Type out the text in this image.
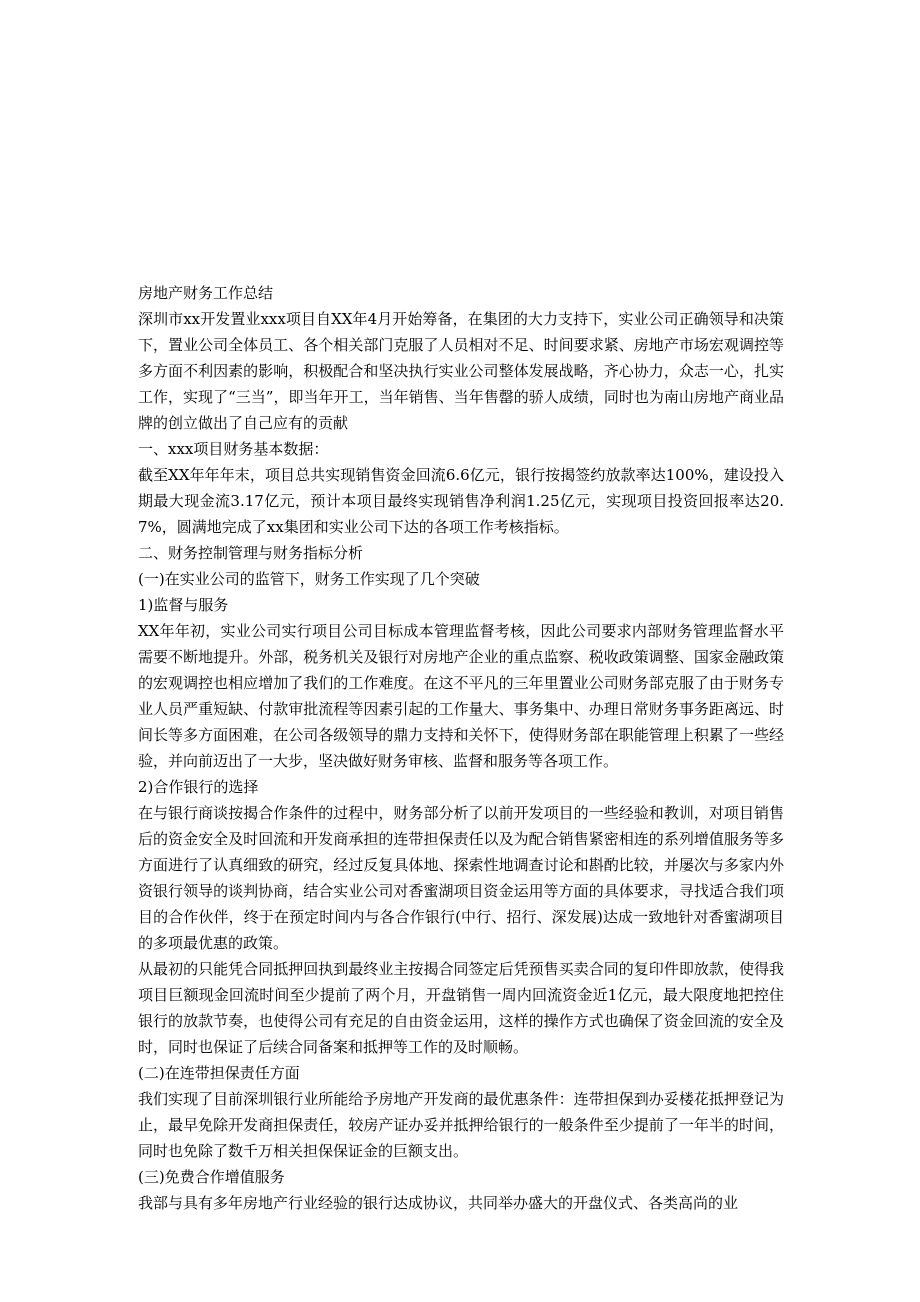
房地产财务工作总结

深圳市xx开发置业xxx项目自XX年4月开始筹备，在集团的大力支持下，实业公司正确领导和决策下，置业公司全体员工、各个相关部门克服了人员相对不足、时间要求紧、房地产市场宏观调控等多方面不利因素的影响，积极配合和坚决执行实业公司整体发展战略，齐心协力，众志一心，扎实工作，实现了“三当”，即当年开工，当年销售、当年售罄的骄人成绩，同时也为南山房地产商业品牌的创立做出了自己应有的贡献

一、xxx项目财务基本数据：

截至XX年年年末，项目总共实现销售资金回流6.6亿元，银行按揭签约放款率达100%，建设投入期最大现金流3.17亿元，预计本项目最终实现销售净利润1.25亿元，实现项目投资回报率达20.7%，圆满地完成了xx集团和实业公司下达的各项工作考核指标。

二、财务控制管理与财务指标分析

(一)在实业公司的监管下，财务工作实现了几个突破

1)监督与服务

XX年年初，实业公司实行项目公司目标成本管理监督考核，因此公司要求内部财务管理监督水平需要不断地提升。外部，税务机关及银行对房地产企业的重点监察、税收政策调整、国家金融政策的宏观调控也相应增加了我们的工作难度。在这不平凡的三年里置业公司财务部克服了由于财务专业人员严重短缺、付款审批流程等因素引起的工作量大、事务集中、办理日常财务事务距离远、时间长等多方面困难，在公司各级领导的鼎力支持和关怀下，使得财务部在职能管理上积累了一些经验，并向前迈出了一大步，坚决做好财务审核、监督和服务等各项工作。

2)合作银行的选择

在与银行商谈按揭合作条件的过程中，财务部分析了以前开发项目的一些经验和教训，对项目销售后的资金安全及时回流和开发商承担的连带担保责任以及为配合销售紧密相连的系列增值服务等多方面进行了认真细致的研究，经过反复具体地、探索性地调查讨论和斟酌比较，并屡次与多家内外资银行领导的谈判协商，结合实业公司对香蜜湖项目资金运用等方面的具体要求，寻找适合我们项目的合作伙伴，终于在预定时间内与各合作银行(中行、招行、深发展)达成一致地针对香蜜湖项目的多项最优惠的政策。

从最初的只能凭合同抵押回执到最终业主按揭合同签定后凭预售买卖合同的复印件即放款，使得我项目巨额现金回流时间至少提前了两个月，开盘销售一周内回流资金近1亿元，最大限度地把控住银行的放款节奏，也使得公司有充足的自由资金运用，这样的操作方式也确保了资金回流的安全及时，同时也保证了后续合同备案和抵押等工作的及时顺畅。

(二)在连带担保责任方面

我们实现了目前深圳银行业所能给予房地产开发商的最优惠条件：连带担保到办妥楼花抵押登记为止，最早免除开发商担保责任，较房产证办妥并抵押给银行的一般条件至少提前了一年半的时间，同时也免除了数千万相关担保保证金的巨额支出。

(三)免费合作增值服务

我部与具有多年房地产行业经验的银行达成协议，共同举办盛大的开盘仪式、各类高尚的业
